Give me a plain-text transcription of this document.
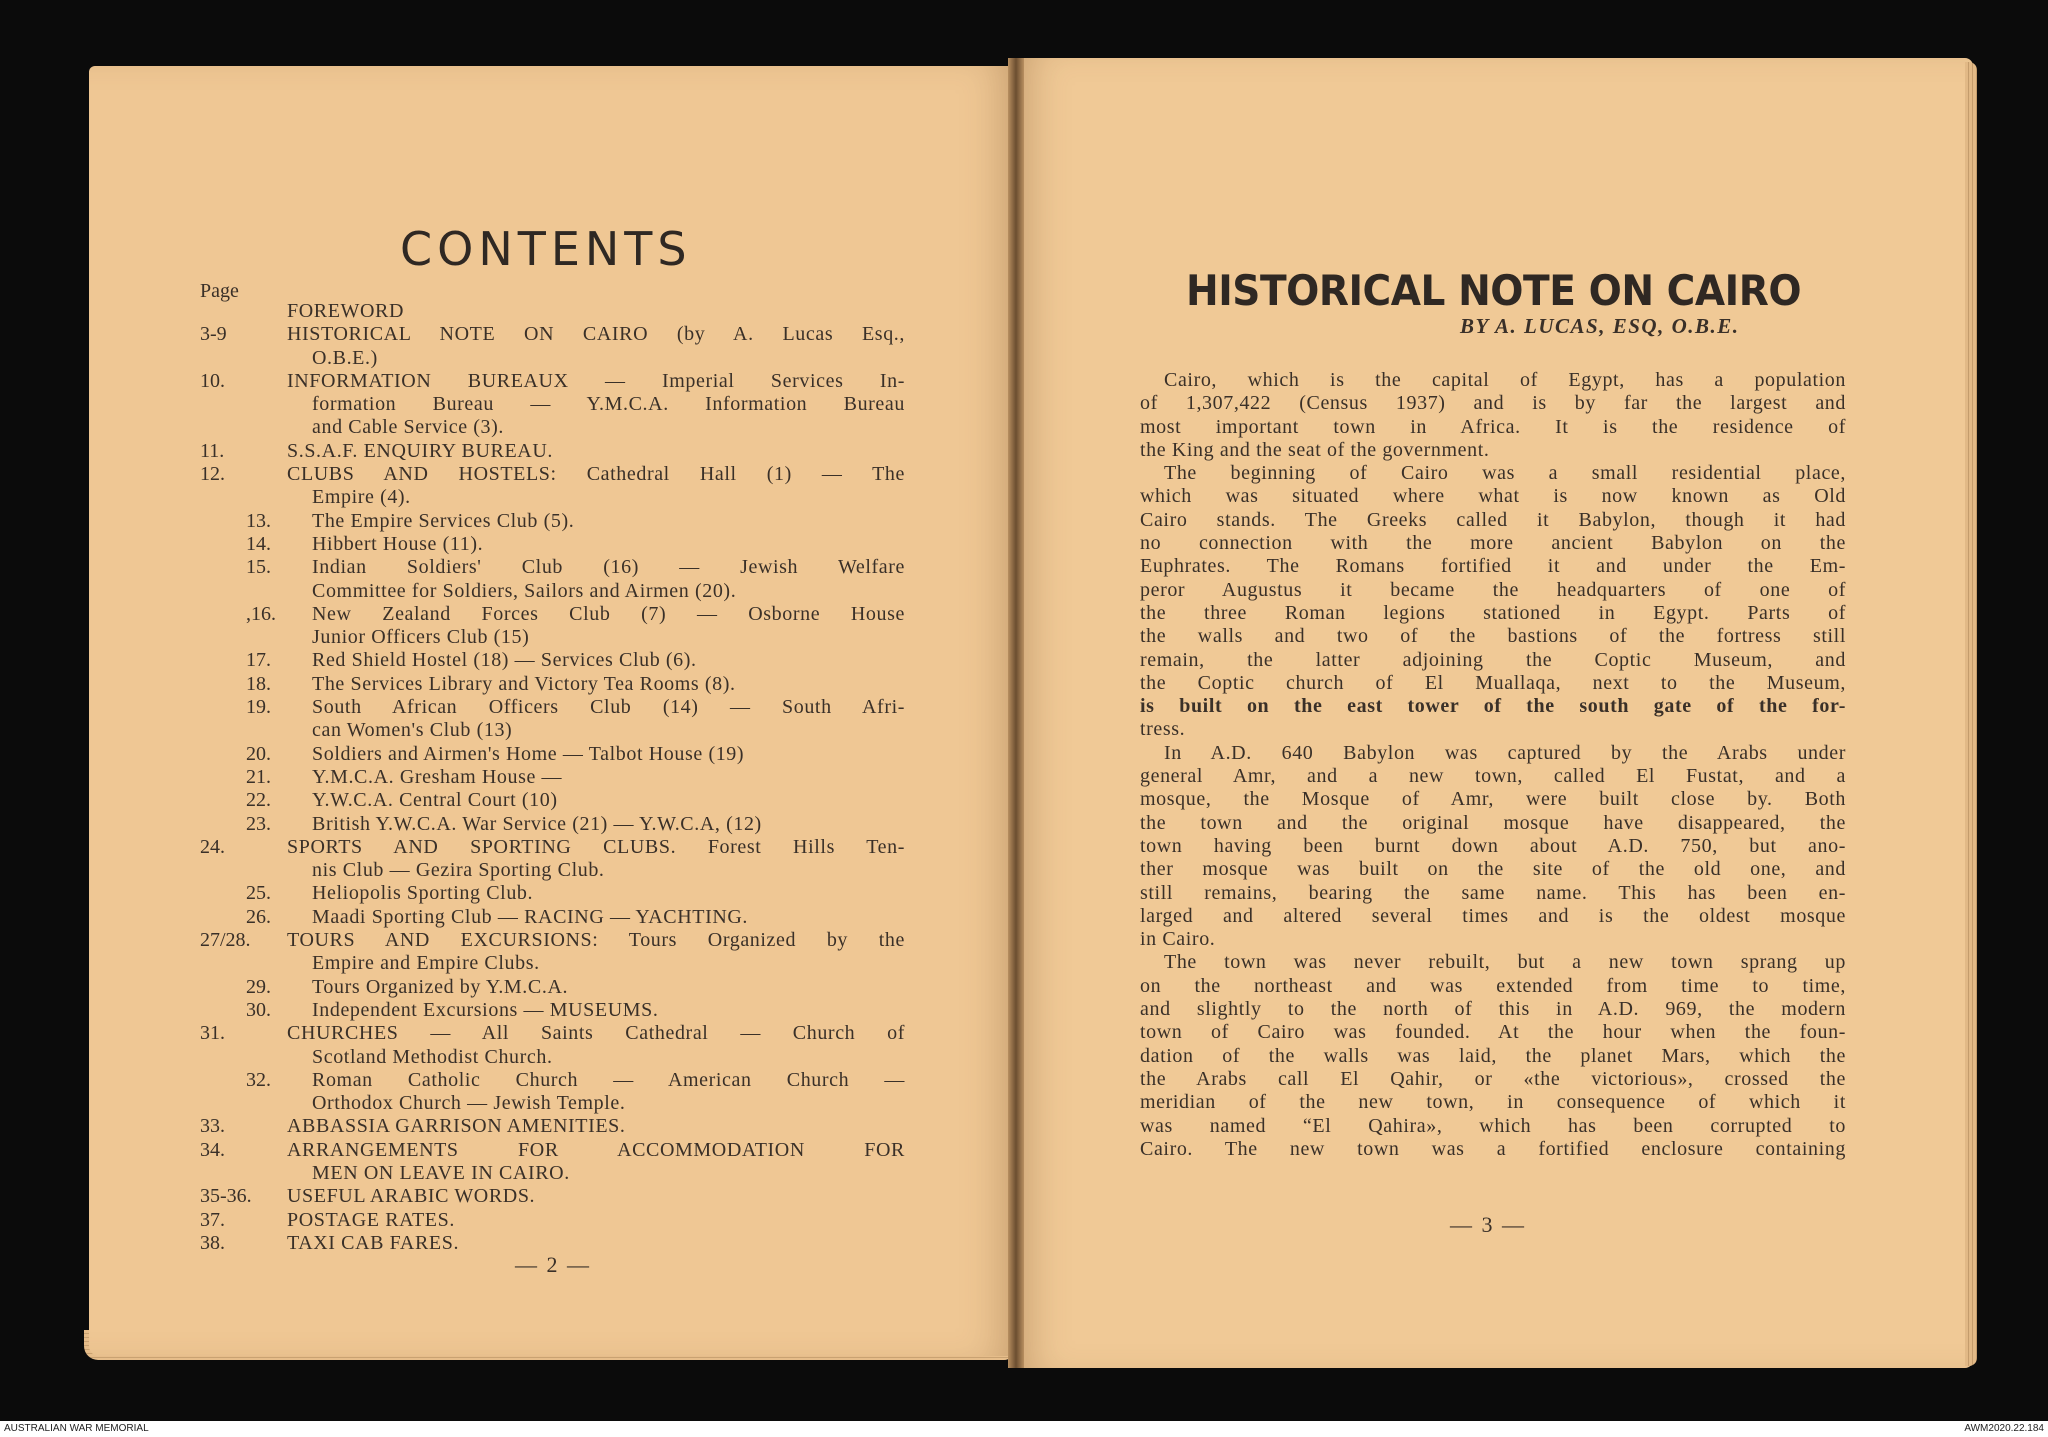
CONTENTS
Page
FOREWORD
3-9	HISTORICAL NOTE ON CAIRO (by A. Lucas Esq.,
O.B.E.)
10.	INFORMATION BUREAUX — Imperial Services In-
formation Bureau — Y.M.C.A. Information Bureau
and Cable Service (3).
11.	S.S.A.F. ENQUIRY BUREAU.
12.	CLUBS AND HOSTELS: Cathedral Hall (1) — The
Empire (4).
13. The Empire Services Club (5).
14. Hibbert House (11).
15. Indian Soldiers' Club (16) — Jewish Welfare
Committee for Soldiers, Sailors and Airmen (20).
,16. New Zealand Forces Club (7) — Osborne House
Junior Officers Club (15)
17. Red Shield Hostel (18) — Services Club (6).
18. The Services Library and Victory Tea Rooms (8).
19. South African Officers Club (14) — South Afri-
can Women's Club (13)
20. Soldiers and Airmen's Home — Talbot House (19)
21. Y.M.C.A. Gresham House —
22. Y.W.C.A. Central Court (10)
23. British Y.W.C.A. War Service (21) — Y.W.C.A, (12)
24.	SPORTS AND SPORTING CLUBS. Forest Hills Ten-
nis Club — Gezira Sporting Club.
25. Heliopolis Sporting Club.
26. Maadi Sporting Club — RACING — YACHTING.
27/28. TOURS AND EXCURSIONS: Tours Organized by the
Empire and Empire Clubs.
29. Tours Organized by Y.M.C.A.
30. Independent Excursions — MUSEUMS.
31.	CHURCHES — All Saints Cathedral — Church of
Scotland Methodist Church.
32. Roman Catholic Church — American Church —
Orthodox Church — Jewish Temple.
33.	ABBASSIA GARRISON AMENITIES.
34.	ARRANGEMENTS FOR ACCOMMODATION FOR
MEN ON LEAVE IN CAIRO.
35-36. USEFUL ARABIC WORDS.
37.	POSTAGE RATES.
38.	TAXI CAB FARES.
— 2 —
HISTORICAL NOTE ON CAIRO
BY A. LUCAS, ESQ, O.B.E.
Cairo, which is the capital of Egypt, has a population
of 1,307,422 (Census 1937) and is by far the largest and
most important town in Africa. It is the residence of
the King and the seat of the government.
The beginning of Cairo was a small residential place,
which was situated where what is now known as Old
Cairo stands. The Greeks called it Babylon, though it had
no connection with the more ancient Babylon on the
Euphrates. The Romans fortified it and under the Em-
peror Augustus it became the headquarters of one of
the three Roman legions stationed in Egypt. Parts of
the walls and two of the bastions of the fortress still
remain, the latter adjoining the Coptic Museum, and
the Coptic church of El Muallaqa, next to the Museum,
is built on the east tower of the south gate of the for-
tress.
In A.D. 640 Babylon was captured by the Arabs under
general Amr, and a new town, called El Fustat, and a
mosque, the Mosque of Amr, were built close by. Both
the town and the original mosque have disappeared, the
town having been burnt down about A.D. 750, but ano-
ther mosque was built on the site of the old one, and
still remains, bearing the same name. This has been en-
larged and altered several times and is the oldest mosque
in Cairo.
The town was never rebuilt, but a new town sprang up
on the northeast and was extended from time to time,
and slightly to the north of this in A.D. 969, the modern
town of Cairo was founded. At the hour when the foun-
dation of the walls was laid, the planet Mars, which the
the Arabs call El Qahir, or «the victorious», crossed the
meridian of the new town, in consequence of which it
was named “El Qahira», which has been corrupted to
Cairo. The new town was a fortified enclosure containing
— 3 —
AUSTRALIAN WAR MEMORIAL	AWM2020.22.184
